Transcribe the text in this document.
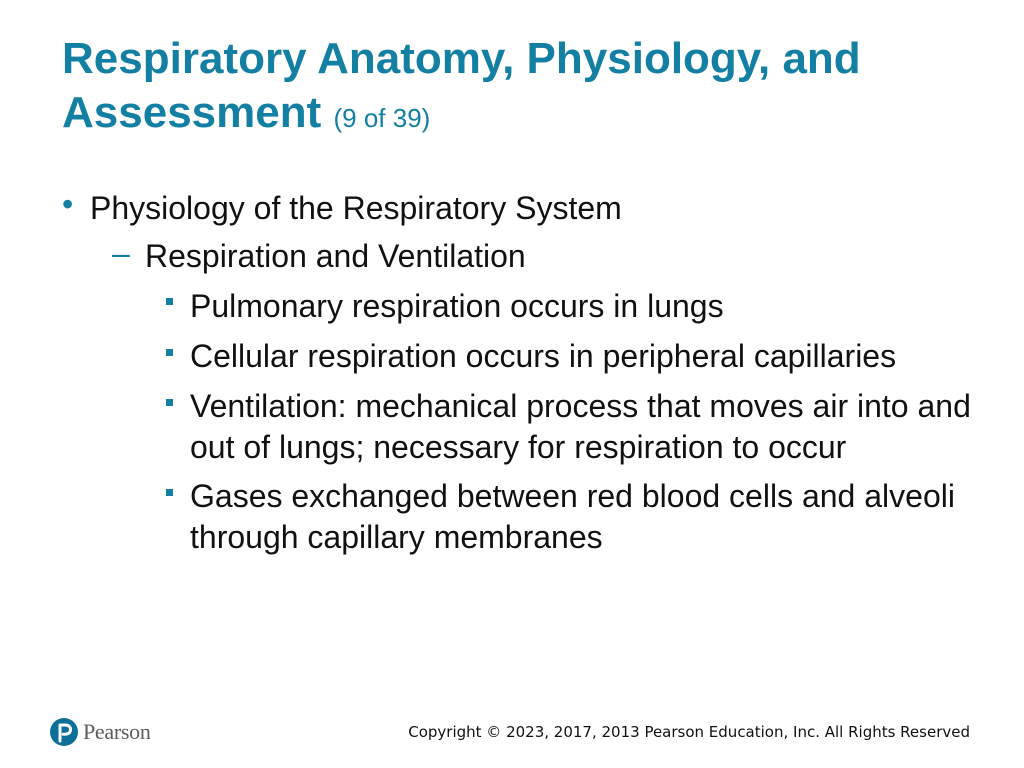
Respiratory Anatomy, Physiology, and Assessment (9 of 39)
• Physiology of the Respiratory System
– Respiration and Ventilation
Pulmonary respiration occurs in lungs
Cellular respiration occurs in peripheral capillaries
Ventilation: mechanical process that moves air into and out of lungs; necessary for respiration to occur
Gases exchanged between red blood cells and alveoli through capillary membranes
Pearson	Copyright © 2023, 2017, 2013 Pearson Education, Inc. All Rights Reserved
